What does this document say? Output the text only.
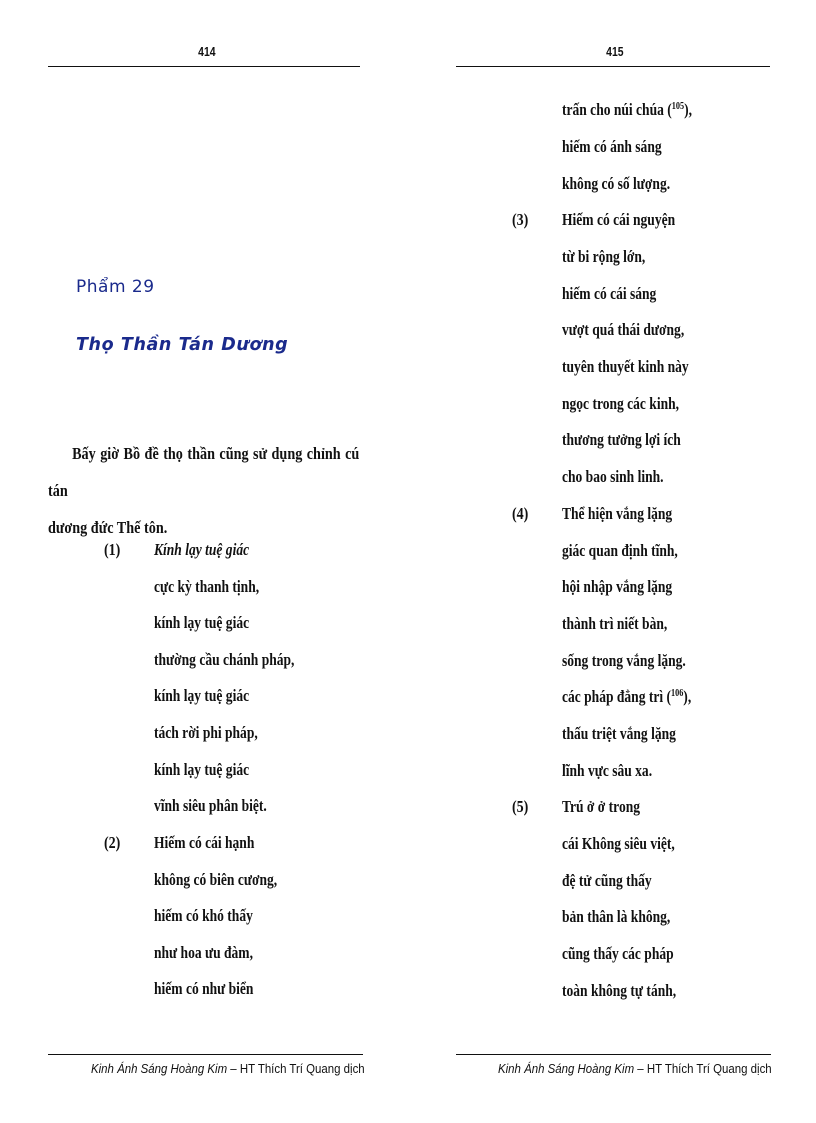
414
Phẩm 29
Thọ Thần Tán Dương
Bấy giờ Bồ đề thọ thần cũng sử dụng chỉnh cú tán
dương đức Thế tôn.
(1) Kính lạy tuệ giác
cực kỳ thanh tịnh,
kính lạy tuệ giác
thường cầu chánh pháp,
kính lạy tuệ giác
tách rời phi pháp,
kính lạy tuệ giác
vĩnh siêu phân biệt.
(2) Hiếm có cái hạnh
không có biên cương,
hiếm có khó thấy
như hoa ưu đàm,
hiếm có như biển
Kinh Ánh Sáng Hoàng Kim – HT Thích Trí Quang dịch
415
trấn cho núi chúa ($^{105}$),
hiếm có ánh sáng
không có số lượng.
(3) Hiếm có cái nguyện
từ bi rộng lớn,
hiếm có cái sáng
vượt quá thái dương,
tuyên thuyết kinh này
ngọc trong các kinh,
thương tưởng lợi ích
cho bao sinh linh.
(4) Thể hiện vắng lặng
giác quan định tĩnh,
hội nhập vắng lặng
thành trì niết bàn,
sống trong vắng lặng.
các pháp đẳng trì ($^{106}$),
thấu triệt vắng lặng
lĩnh vực sâu xa.
(5) Trú ở ở trong
cái Không siêu việt,
đệ tử cũng thấy
bản thân là không,
cũng thấy các pháp
toàn không tự tánh,
Kinh Ánh Sáng Hoàng Kim – HT Thích Trí Quang dịch
